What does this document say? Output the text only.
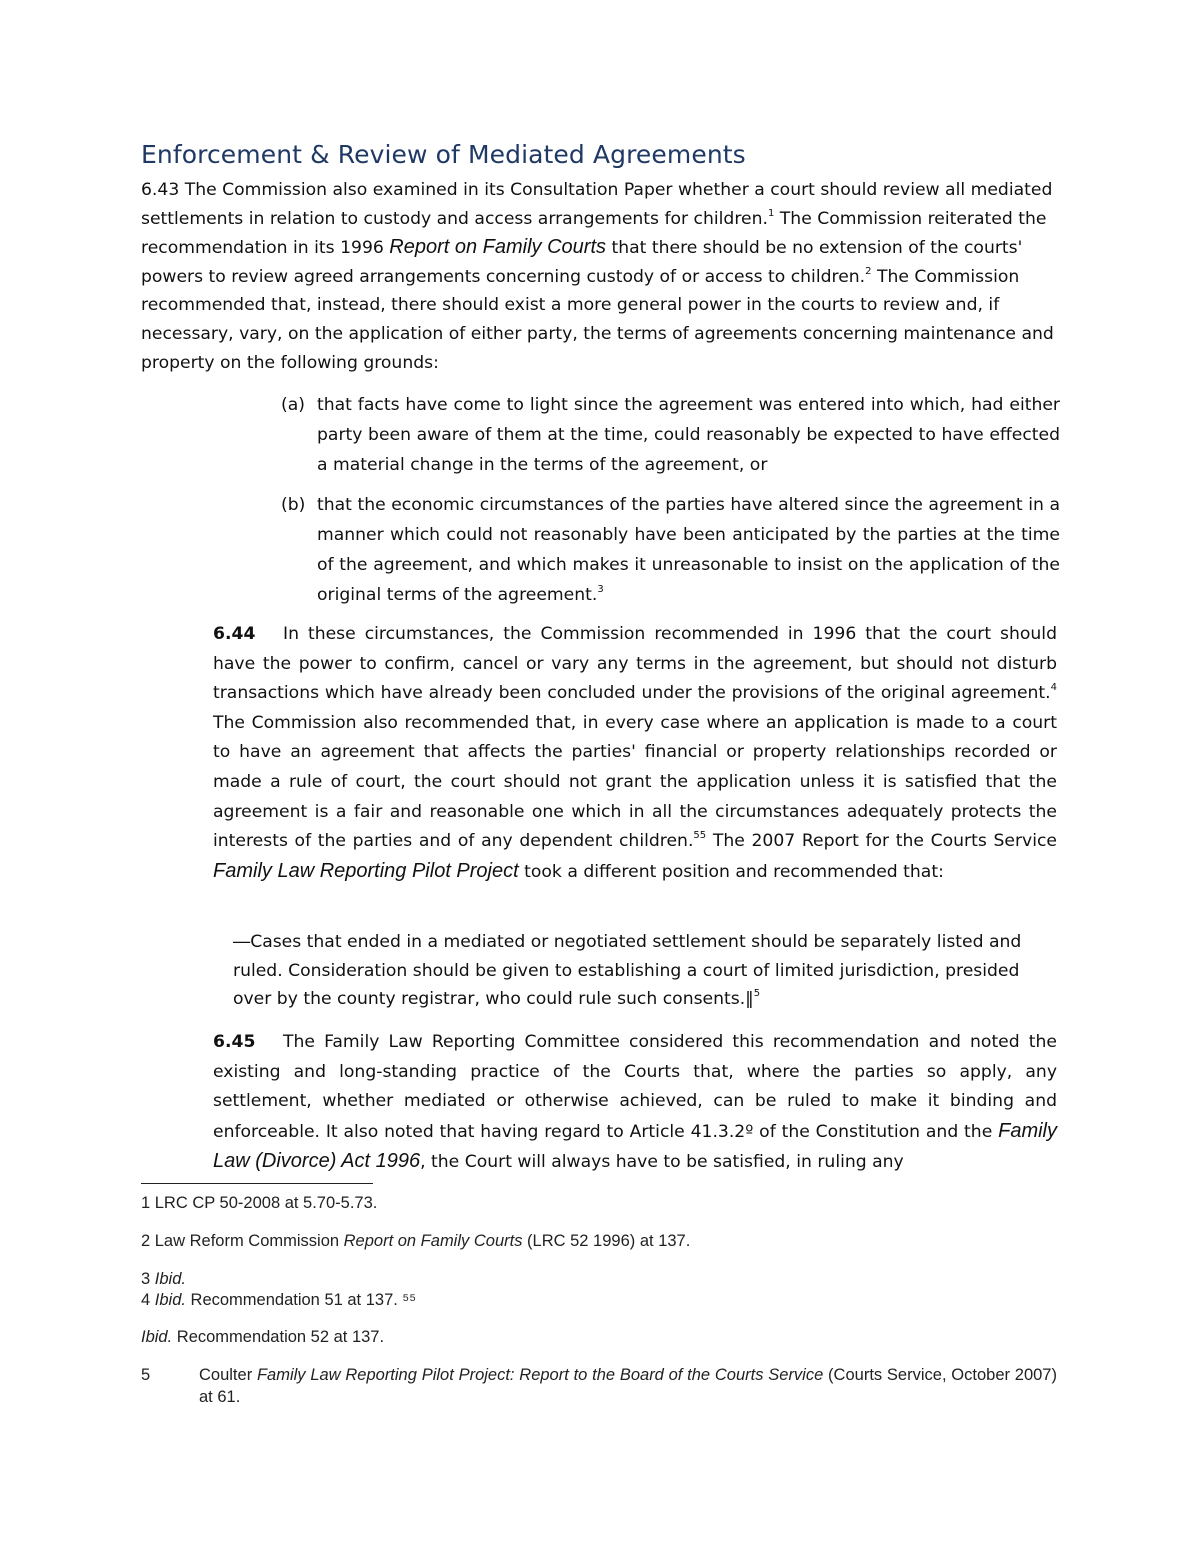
Enforcement & Review of Mediated Agreements

6.43 The Commission also examined in its Consultation Paper whether a court should review all mediated settlements in relation to custody and access arrangements for children.$^1$ The Commission reiterated the recommendation in its 1996 Report on Family Courts that there should be no extension of the courts' powers to review agreed arrangements concerning custody of or access to children.$^2$ The Commission recommended that, instead, there should exist a more general power in the courts to review and, if necessary, vary, on the application of either party, the terms of agreements concerning maintenance and property on the following grounds:

(a) that facts have come to light since the agreement was entered into which, had either party been aware of them at the time, could reasonably be expected to have effected a material change in the terms of the agreement, or
(b) that the economic circumstances of the parties have altered since the agreement in a manner which could not reasonably have been anticipated by the parties at the time of the agreement, and which makes it unreasonable to insist on the application of the original terms of the agreement.$^3$

6.44 In these circumstances, the Commission recommended in 1996 that the court should have the power to confirm, cancel or vary any terms in the agreement, but should not disturb transactions which have already been concluded under the provisions of the original agreement.$^4$ The Commission also recommended that, in every case where an application is made to a court to have an agreement that affects the parties' financial or property relationships recorded or made a rule of court, the court should not grant the application unless it is satisfied that the agreement is a fair and reasonable one which in all the circumstances adequately protects the interests of the parties and of any dependent children.$^{55}$ The 2007 Report for the Courts Service Family Law Reporting Pilot Project took a different position and recommended that:

―Cases that ended in a mediated or negotiated settlement should be separately listed and ruled. Consideration should be given to establishing a court of limited jurisdiction, presided over by the county registrar, who could rule such consents.‖$^5$

6.45 The Family Law Reporting Committee considered this recommendation and noted the existing and long-standing practice of the Courts that, where the parties so apply, any settlement, whether mediated or otherwise achieved, can be ruled to make it binding and enforceable. It also noted that having regard to Article 41.3.2º of the Constitution and the Family Law (Divorce) Act 1996, the Court will always have to be satisfied, in ruling any

1 LRC CP 50-2008 at 5.70-5.73.

2 Law Reform Commission Report on Family Courts (LRC 52 1996) at 137.

3 Ibid.

4 Ibid. Recommendation 51 at 137. ⁵⁵

Ibid. Recommendation 52 at 137.

5	Coulter Family Law Reporting Pilot Project: Report to the Board of the Courts Service (Courts Service, October 2007) at 61.
